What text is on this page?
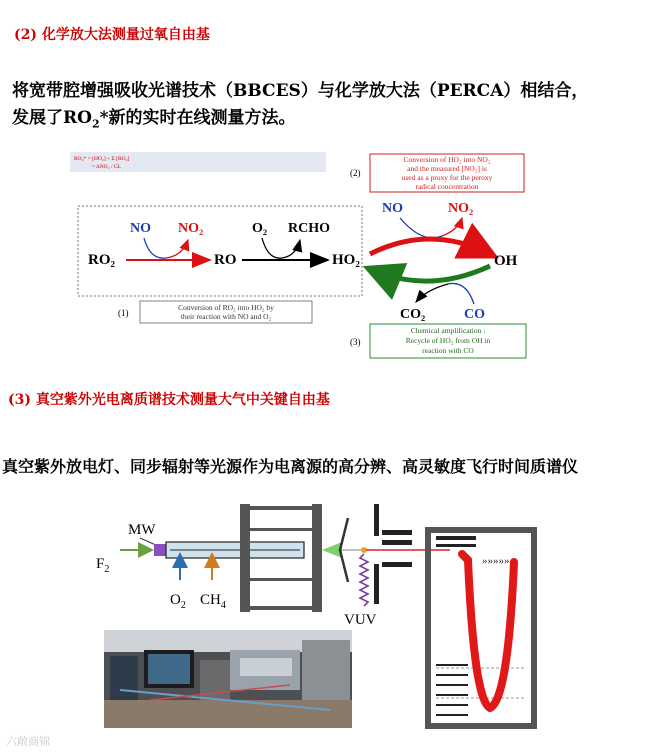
(2) 化学放大法测量过氧自由基
将宽带腔增强吸收光谱技术（BBCES）与化学放大法（PERCA）相结合，
发展了$RO_2*$新的实时在线测量方法。
RO₂* = [HO₂] + Σ [RO₂]
= ΔNO₂ / CL
RO₂	RO	HO₂
NO NO₂	O₂ RCHO
(1)
Conversion of RO₂ into HO₂ by
their reaction with NO and O₂
(2)
Conversion of HO₂ into NO₂
and the measured [NO₂] is
used as a proxy for the peroxy
radical concentration
NO	NO₂
OH
CO₂	CO
(3)
Chemical amplification :
Recycle of HO₂ from OH in
reaction with CO
(3) 真空紫外光电离质谱技术测量大气中关键自由基
真空紫外放电灯、同步辐射等光源作为电离源的高分辨、高灵敏度飞行时间质谱仪
MW
$F_2$
$O_2$ $CH_4$
VUV
»»»»»
六敞商锦
